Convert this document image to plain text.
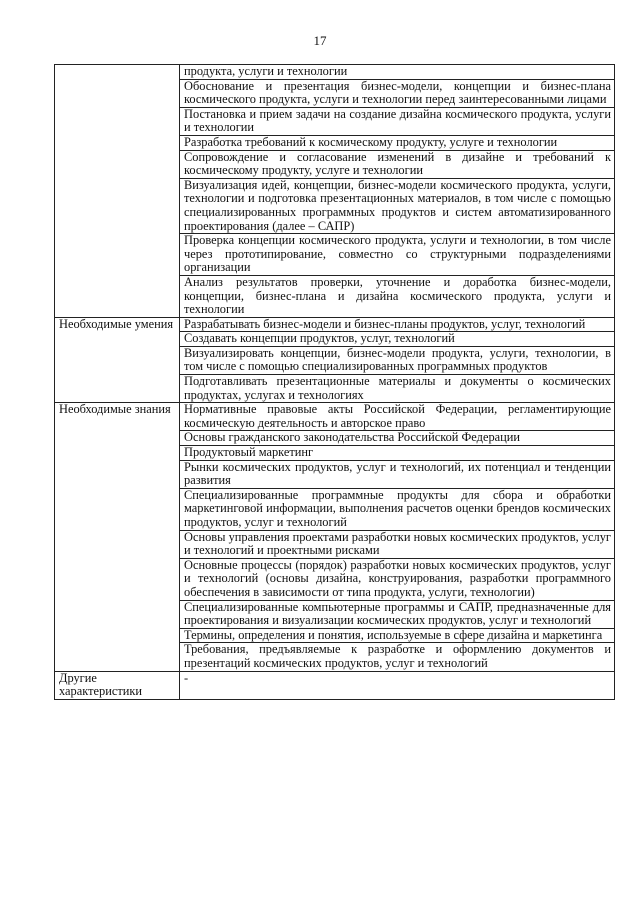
17
	продукта, услуги и технологии
	Обоснование и презентация бизнес-модели, концепции и бизнес-плана космического продукта, услуги и технологии перед заинтересованными лицами
	Постановка и прием задачи на создание дизайна космического продукта, услуги и технологии
	Разработка требований к космическому продукту, услуге и технологии
	Сопровождение и согласование изменений в дизайне и требований к космическому продукту, услуге и технологии
	Визуализация идей, концепции, бизнес-модели космического продукта, услуги, технологии и подготовка презентационных материалов, в том числе с помощью специализированных программных продуктов и систем автоматизированного проектирования (далее – САПР)
	Проверка концепции космического продукта, услуги и технологии, в том числе через прототипирование, совместно со структурными подразделениями организации
	Анализ результатов проверки, уточнение и доработка бизнес-модели, концепции, бизнес-плана и дизайна космического продукта, услуги и технологии
Необходимые умения	Разрабатывать бизнес-модели и бизнес-планы продуктов, услуг, технологий
	Создавать концепции продуктов, услуг, технологий
	Визуализировать концепции, бизнес-модели продукта, услуги, технологии, в том числе с помощью специализированных программных продуктов
	Подготавливать презентационные материалы и документы о космических продуктах, услугах и технологиях
Необходимые знания	Нормативные правовые акты Российской Федерации, регламентирующие космическую деятельность и авторское право
	Основы гражданского законодательства Российской Федерации
	Продуктовый маркетинг
	Рынки космических продуктов, услуг и технологий, их потенциал и тенденции развития
	Специализированные программные продукты для сбора и обработки маркетинговой информации, выполнения расчетов оценки брендов космических продуктов, услуг и технологий
	Основы управления проектами разработки новых космических продуктов, услуг и технологий и проектными рисками
	Основные процессы (порядок) разработки новых космических продуктов, услуг и технологий (основы дизайна, конструирования, разработки программного обеспечения в зависимости от типа продукта, услуги, технологии)
	Специализированные компьютерные программы и САПР, предназначенные для проектирования и визуализации космических продуктов, услуг и технологий
	Термины, определения и понятия, используемые в сфере дизайна и маркетинга
	Требования, предъявляемые к разработке и оформлению документов и презентаций космических продуктов, услуг и технологий
Другие характеристики	-
